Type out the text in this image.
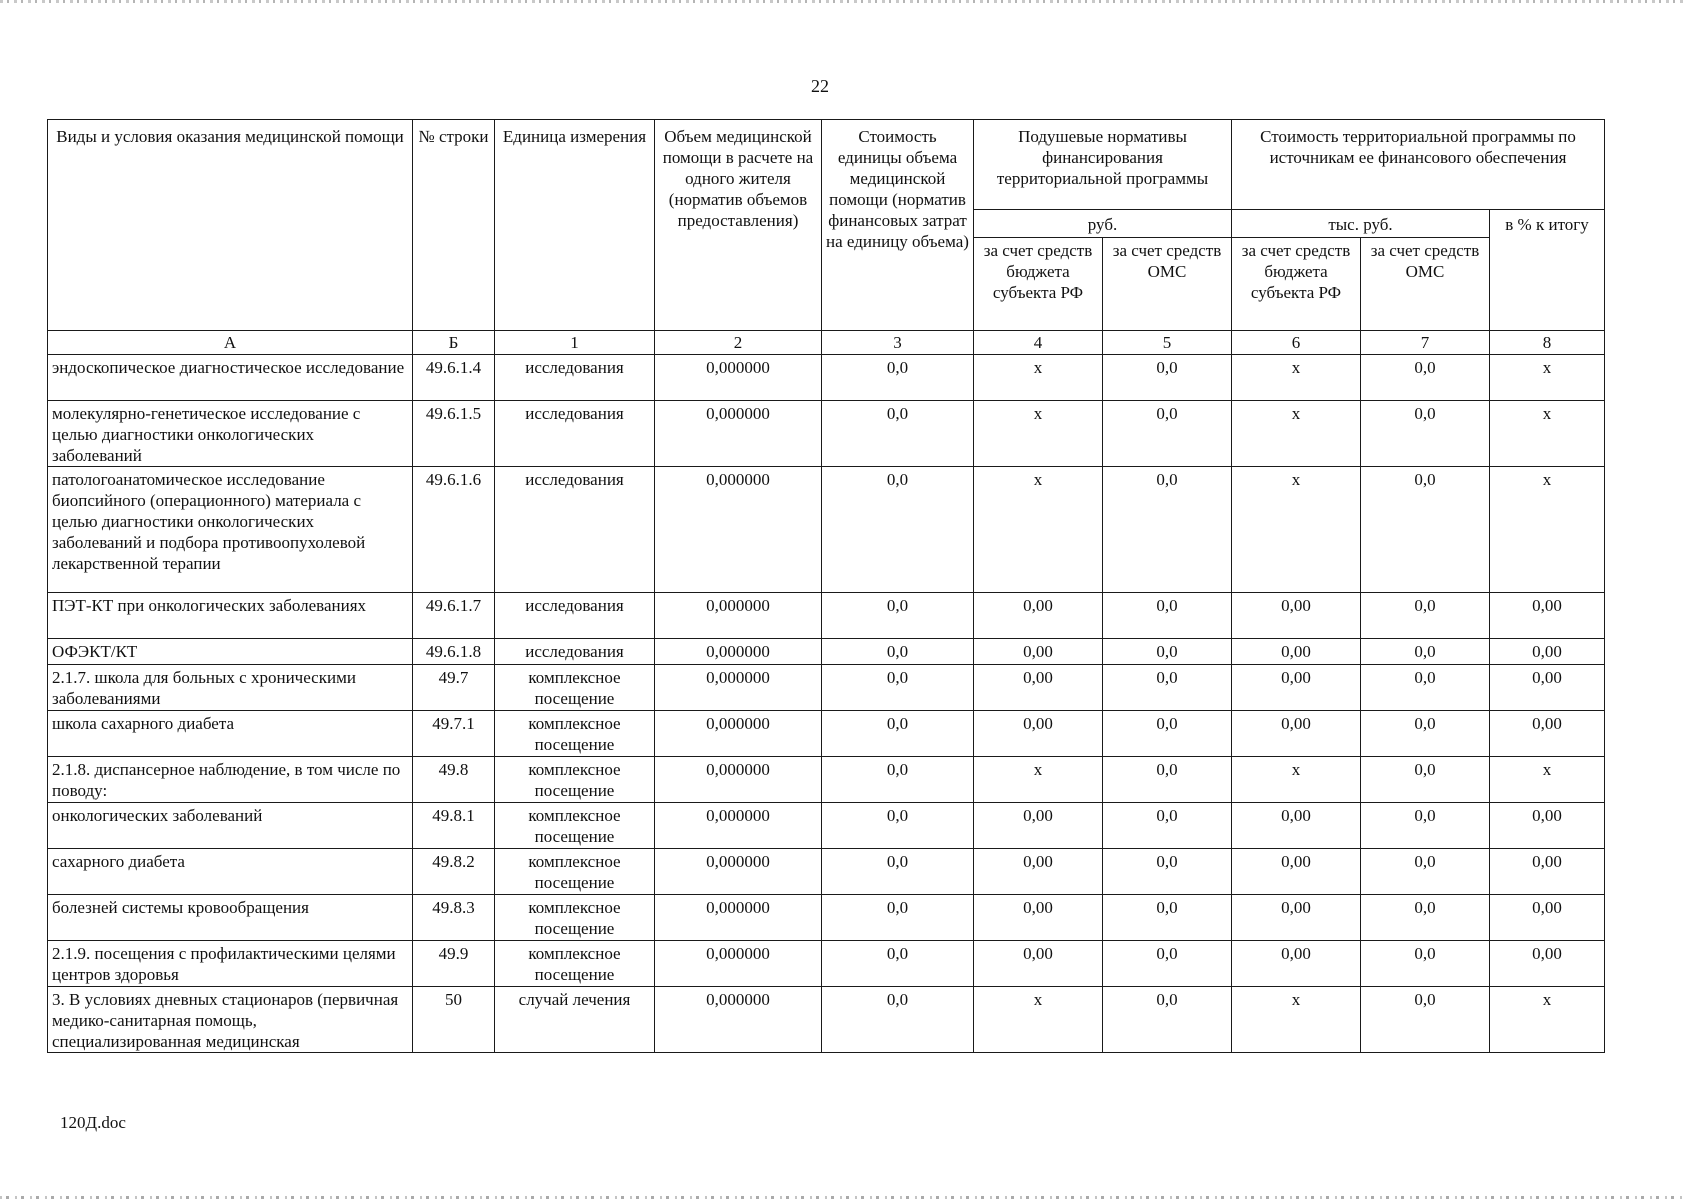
22
Виды и условия оказания медицинской помощи	№ строки	Единица измерения	Объем медицинской помощи в расчете на одного жителя (норматив объемов предоставления)	Стоимость единицы объема медицинской помощи (норматив финансовых затрат на единицу объема)	Подушевые нормативы финансирования территориальной программы		Стоимость территориальной программы по источникам ее финансового обеспечения		
					руб.		тыс. руб.		в % к итогу
					за счет средств бюджета субъекта РФ	за счет средств ОМС	за счет средств бюджета субъекта РФ	за счет средств ОМС	
А	Б	1	2	3	4	5	6	7	8
эндоскопическое диагностическое исследование	49.6.1.4	исследования	0,000000	0,0	х	0,0	х	0,0	х
молекулярно-генетическое исследование с целью диагностики онкологических заболеваний	49.6.1.5	исследования	0,000000	0,0	х	0,0	х	0,0	х
патологоанатомическое исследование биопсийного (операционного) материала с целью диагностики онкологических заболеваний и подбора противоопухолевой лекарственной терапии	49.6.1.6	исследования	0,000000	0,0	х	0,0	х	0,0	х
ПЭТ-КТ при онкологических заболеваниях	49.6.1.7	исследования	0,000000	0,0	0,00	0,0	0,00	0,0	0,00
ОФЭКТ/КТ	49.6.1.8	исследования	0,000000	0,0	0,00	0,0	0,00	0,0	0,00
2.1.7. школа для больных с хроническими заболеваниями	49.7	комплексное посещение	0,000000	0,0	0,00	0,0	0,00	0,0	0,00
школа сахарного диабета	49.7.1	комплексное посещение	0,000000	0,0	0,00	0,0	0,00	0,0	0,00
2.1.8. диспансерное наблюдение, в том числе по поводу:	49.8	комплексное посещение	0,000000	0,0	х	0,0	х	0,0	х
онкологических заболеваний	49.8.1	комплексное посещение	0,000000	0,0	0,00	0,0	0,00	0,0	0,00
сахарного диабета	49.8.2	комплексное посещение	0,000000	0,0	0,00	0,0	0,00	0,0	0,00
болезней системы кровообращения	49.8.3	комплексное посещение	0,000000	0,0	0,00	0,0	0,00	0,0	0,00
2.1.9. посещения с профилактическими целями центров здоровья	49.9	комплексное посещение	0,000000	0,0	0,00	0,0	0,00	0,0	0,00
3. В условиях дневных стационаров (первичная медико-санитарная помощь, специализированная медицинская	50	случай лечения	0,000000	0,0	х	0,0	х	0,0	х
120Д.doc
